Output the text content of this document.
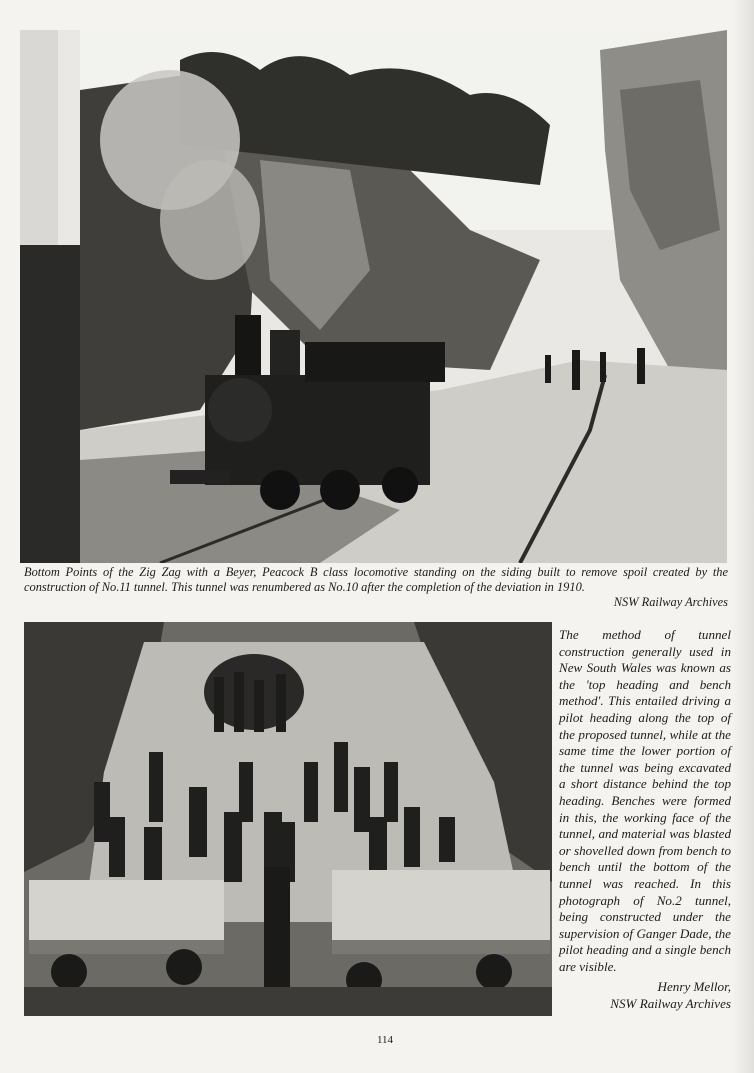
Bottom Points of the Zig Zag with a Beyer, Peacock B class locomotive standing on the siding built to remove spoil created by the construction of No.11 tunnel. This tunnel was renumbered as No.10 after the completion of the deviation in 1910.
NSW Railway Archives
The method of tunnel construction generally used in New South Wales was known as the 'top heading and bench method'. This entailed driving a pilot heading along the top of the proposed tunnel, while at the same time the lower portion of the tunnel was being excavated a short distance behind the top heading. Benches were formed in this, the working face of the tunnel, and material was blasted or shovelled down from bench to bench until the bottom of the tunnel was reached. In this photograph of No.2 tunnel, being constructed under the supervision of Ganger Dade, the pilot heading and a single bench are visible.
Henry Mellor,
NSW Railway Archives
114
